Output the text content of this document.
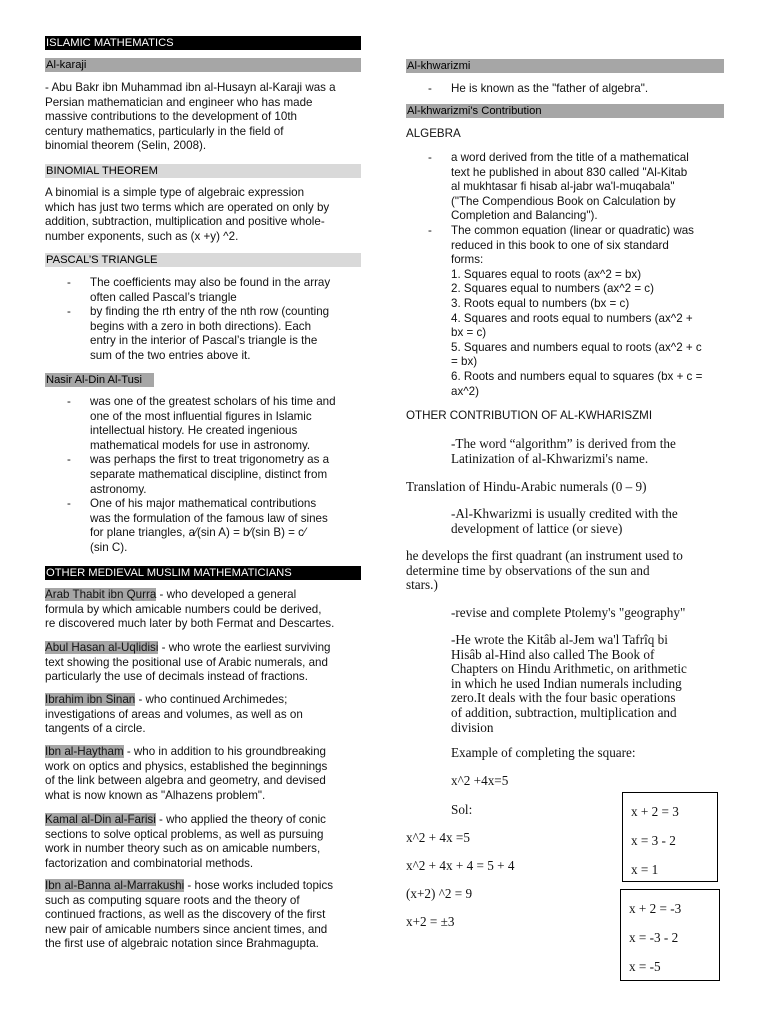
ISLAMIC MATHEMATICS
Al-karaji
- Abu Bakr ibn Muhammad ibn al-Husayn al-Karaji was a
Persian mathematician and engineer who has made
massive contributions to the development of 10th
century mathematics, particularly in the field of
binomial theorem (Selin, 2008).
BINOMIAL THEOREM
A binomial is a simple type of algebraic expression
which has just two terms which are operated on only by
addition, subtraction, multiplication and positive whole-
number exponents, such as (x +y) ^2.
PASCAL’S TRIANGLE
- The coefficients may also be found in the array
often called Pascal’s triangle
- by finding the rth entry of the nth row (counting
begins with a zero in both directions). Each
entry in the interior of Pascal’s triangle is the
sum of the two entries above it.
Nasir Al-Din Al-Tusi
- was one of the greatest scholars of his time and
one of the most influential figures in Islamic
intellectual history. He created ingenious
mathematical models for use in astronomy.
- was perhaps the first to treat trigonometry as a
separate mathematical discipline, distinct from
astronomy.
- One of his major mathematical contributions
was the formulation of the famous law of sines
for plane triangles, a⁄(sin A) = b⁄(sin B) = c⁄
(sin C).
OTHER MEDIEVAL MUSLIM MATHEMATICIANS
Arab Thabit ibn Qurra - who developed a general
formula by which amicable numbers could be derived,
re discovered much later by both Fermat and Descartes.
Abul Hasan al-Uqlidisi - who wrote the earliest surviving
text showing the positional use of Arabic numerals, and
particularly the use of decimals instead of fractions.
Ibrahim ibn Sinan - who continued Archimedes;
investigations of areas and volumes, as well as on
tangents of a circle.
Ibn al-Haytham - who in addition to his groundbreaking
work on optics and physics, established the beginnings
of the link between algebra and geometry, and devised
what is now known as "Alhazens problem".
Kamal al-Din al-Farisi - who applied the theory of conic
sections to solve optical problems, as well as pursuing
work in number theory such as on amicable numbers,
factorization and combinatorial methods.
Ibn al-Banna al-Marrakushi - hose works included topics
such as computing square roots and the theory of
continued fractions, as well as the discovery of the first
new pair of amicable numbers since ancient times, and
the first use of algebraic notation since Brahmagupta.
Al-khwarizmi
- He is known as the "father of algebra".
Al-khwarizmi's Contribution
ALGEBRA
- a word derived from the title of a mathematical
text he published in about 830 called "Al-Kitab
al mukhtasar fi hisab al-jabr wa'l-muqabala"
("The Compendious Book on Calculation by
Completion and Balancing").
- The common equation (linear or quadratic) was
reduced in this book to one of six standard
forms:
1. Squares equal to roots (ax^2 = bx)
2. Squares equal to numbers (ax^2 = c)
3. Roots equal to numbers (bx = c)
4. Squares and roots equal to numbers (ax^2 +
bx = c)
5. Squares and numbers equal to roots (ax^2 + c
= bx)
6. Roots and numbers equal to squares (bx + c =
ax^2)
OTHER CONTRIBUTION OF AL-KWHARISZMI
-The word “algorithm” is derived from the
Latinization of al-Khwarizmi's name.
Translation of Hindu-Arabic numerals (0 – 9)
-Al-Khwarizmi is usually credited with the
development of lattice (or sieve)
he develops the first quadrant (an instrument used to
determine time by observations of the sun and
stars.)
-revise and complete Ptolemy's "geography"
-He wrote the Kitâb al-Jem wa'l Tafrîq bi
Hisâb al-Hind also called The Book of
Chapters on Hindu Arithmetic, on arithmetic
in which he used Indian numerals including
zero.It deals with the four basic operations
of addition, subtraction, multiplication and
division
Example of completing the square:
x^2 +4x=5
Sol:
x^2 + 4x =5
x^2 + 4x + 4 = 5 + 4
(x+2) ^2 = 9
x+2 = ±3
x + 2 = 3
x = 3 - 2
x = 1
x + 2 = -3
x = -3 - 2
x = -5
